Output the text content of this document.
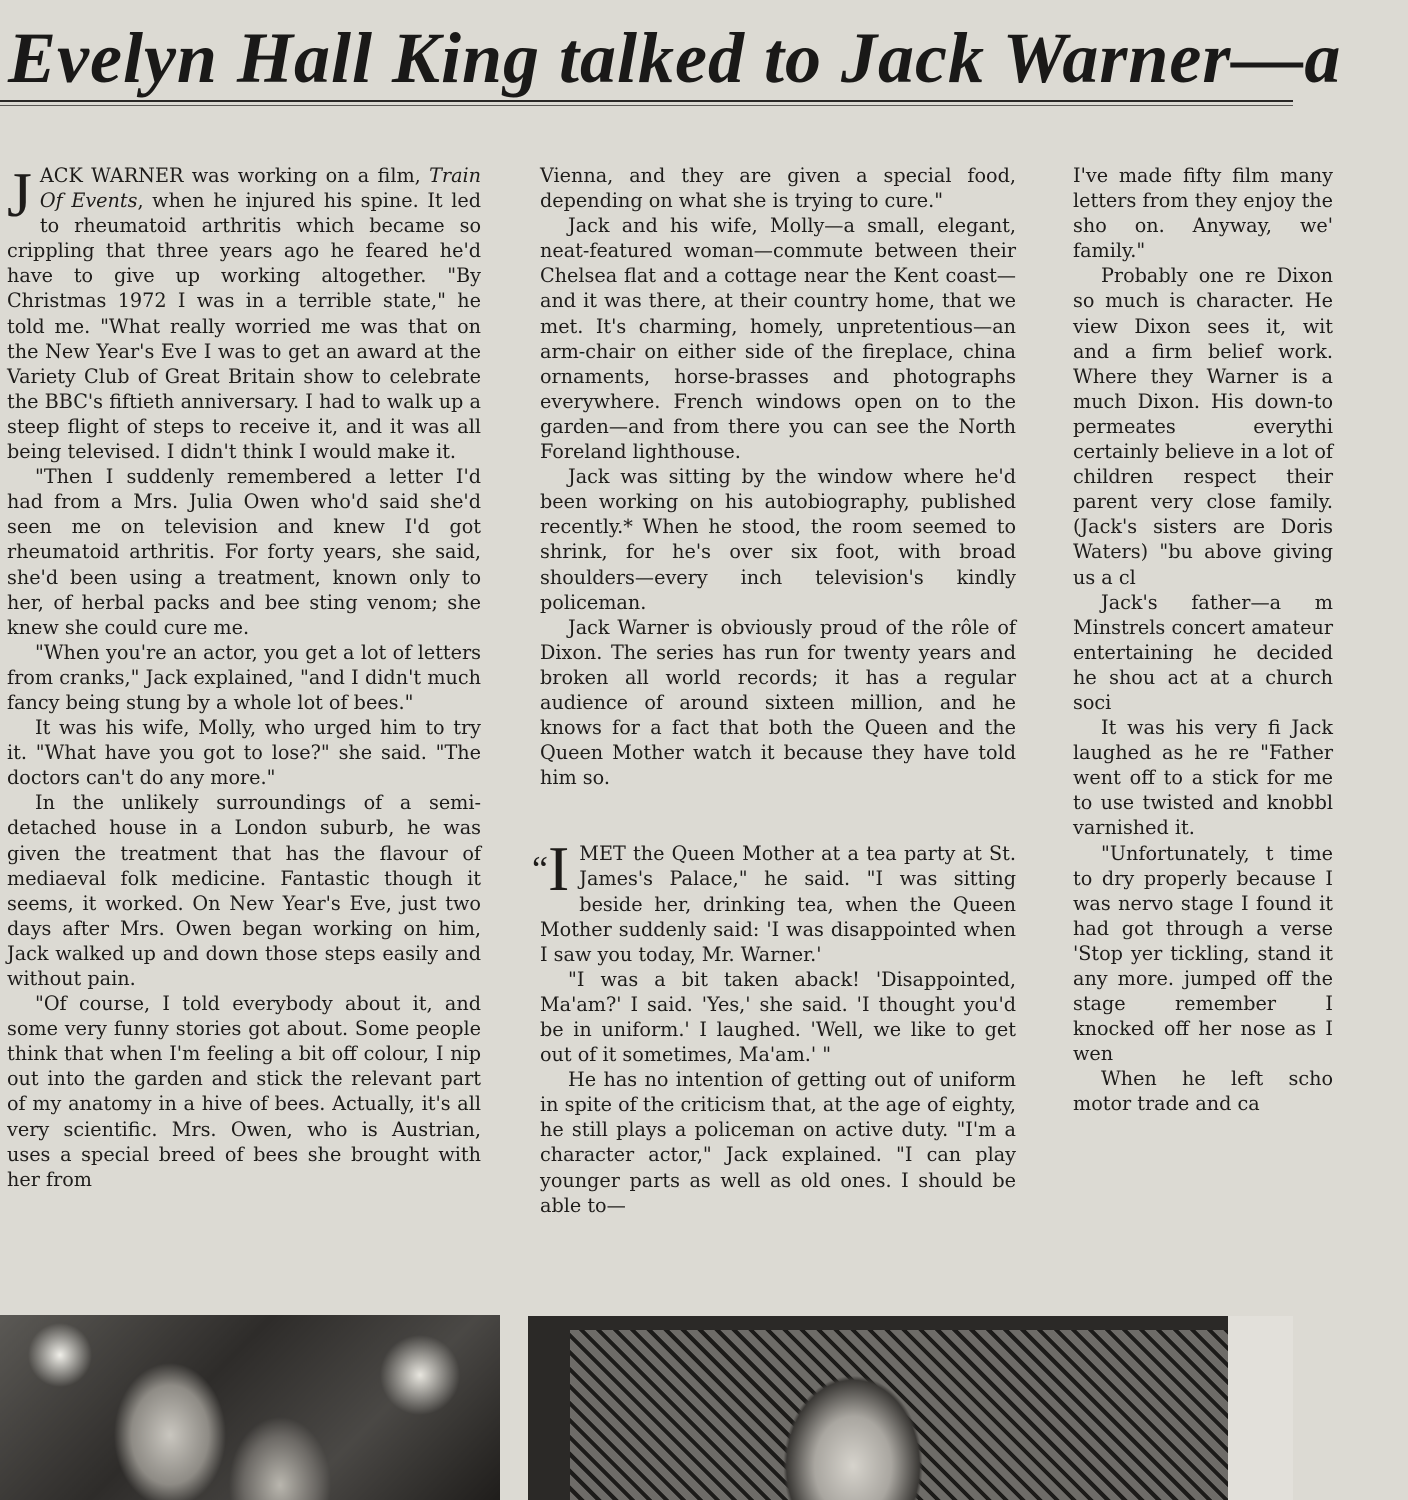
Evelyn Hall King talked to Jack Warner—a

JACK WARNER was working on a film, Train Of Events, when he injured his spine. It led to rheumatoid arthritis which became so crippling that three years ago he feared he'd have to give up working altogether. "By Christmas 1972 I was in a terrible state," he told me. "What really worried me was that on the New Year's Eve I was to get an award at the Variety Club of Great Britain show to celebrate the BBC's fiftieth anniversary. I had to walk up a steep flight of steps to receive it, and it was all being televised. I didn't think I would make it.

"Then I suddenly remembered a letter I'd had from a Mrs. Julia Owen who'd said she'd seen me on television and knew I'd got rheumatoid arthritis. For forty years, she said, she'd been using a treatment, known only to her, of herbal packs and bee sting venom; she knew she could cure me.

"When you're an actor, you get a lot of letters from cranks," Jack explained, "and I didn't much fancy being stung by a whole lot of bees."

It was his wife, Molly, who urged him to try it. "What have you got to lose?" she said. "The doctors can't do any more."

In the unlikely surroundings of a semi-detached house in a London suburb, he was given the treatment that has the flavour of mediaeval folk medicine. Fantastic though it seems, it worked. On New Year's Eve, just two days after Mrs. Owen began working on him, Jack walked up and down those steps easily and without pain.

"Of course, I told everybody about it, and some very funny stories got about. Some people think that when I'm feeling a bit off colour, I nip out into the garden and stick the relevant part of my anatomy in a hive of bees. Actually, it's all very scientific. Mrs. Owen, who is Austrian, uses a special breed of bees she brought with her from

Vienna, and they are given a special food, depending on what she is trying to cure."

Jack and his wife, Molly—a small, elegant, neat-featured woman—commute between their Chelsea flat and a cottage near the Kent coast—and it was there, at their country home, that we met. It's charming, homely, unpretentious—an arm-chair on either side of the fireplace, china ornaments, horse-brasses and photographs everywhere. French windows open on to the garden—and from there you can see the North Foreland lighthouse.

Jack was sitting by the window where he'd been working on his autobiography, published recently.* When he stood, the room seemed to shrink, for he's over six foot, with broad shoulders—every inch television's kindly policeman.

Jack Warner is obviously proud of the rôle of Dixon. The series has run for twenty years and broken all world records; it has a regular audience of around sixteen million, and he knows for a fact that both the Queen and the Queen Mother watch it because they have told him so.

“I MET the Queen Mother at a tea party at St. James's Palace," he said. "I was sitting beside her, drinking tea, when the Queen Mother suddenly said: 'I was disappointed when I saw you today, Mr. Warner.'

"I was a bit taken aback! 'Disappointed, Ma'am?' I said. 'Yes,' she said. 'I thought you'd be in uniform.' I laughed. 'Well, we like to get out of it sometimes, Ma'am.' "

He has no intention of getting out of uniform in spite of the criticism that, at the age of eighty, he still plays a policeman on active duty. "I'm a character actor," Jack explained. "I can play younger parts as well as old ones. I should be able to—

I've made fifty film many letters from they enjoy the sho on. Anyway, we' family."

Probably one re Dixon so much is character. He view Dixon sees it, wit and a firm belief work. Where they Warner is a much Dixon. His down-to permeates everythi certainly believe in a lot of children respect their parent very close family. (Jack's sisters are Doris Waters) "bu above giving us a cl

Jack's father—a m Minstrels concert amateur entertaining he decided he shou act at a church soci

It was his very fi Jack laughed as he re "Father went off to a stick for me to use twisted and knobbl varnished it.

"Unfortunately, t time to dry properly because I was nervo stage I found it had got through a verse 'Stop yer tickling, stand it any more. jumped off the stage remember I knocked off her nose as I wen

When he left scho motor trade and ca
